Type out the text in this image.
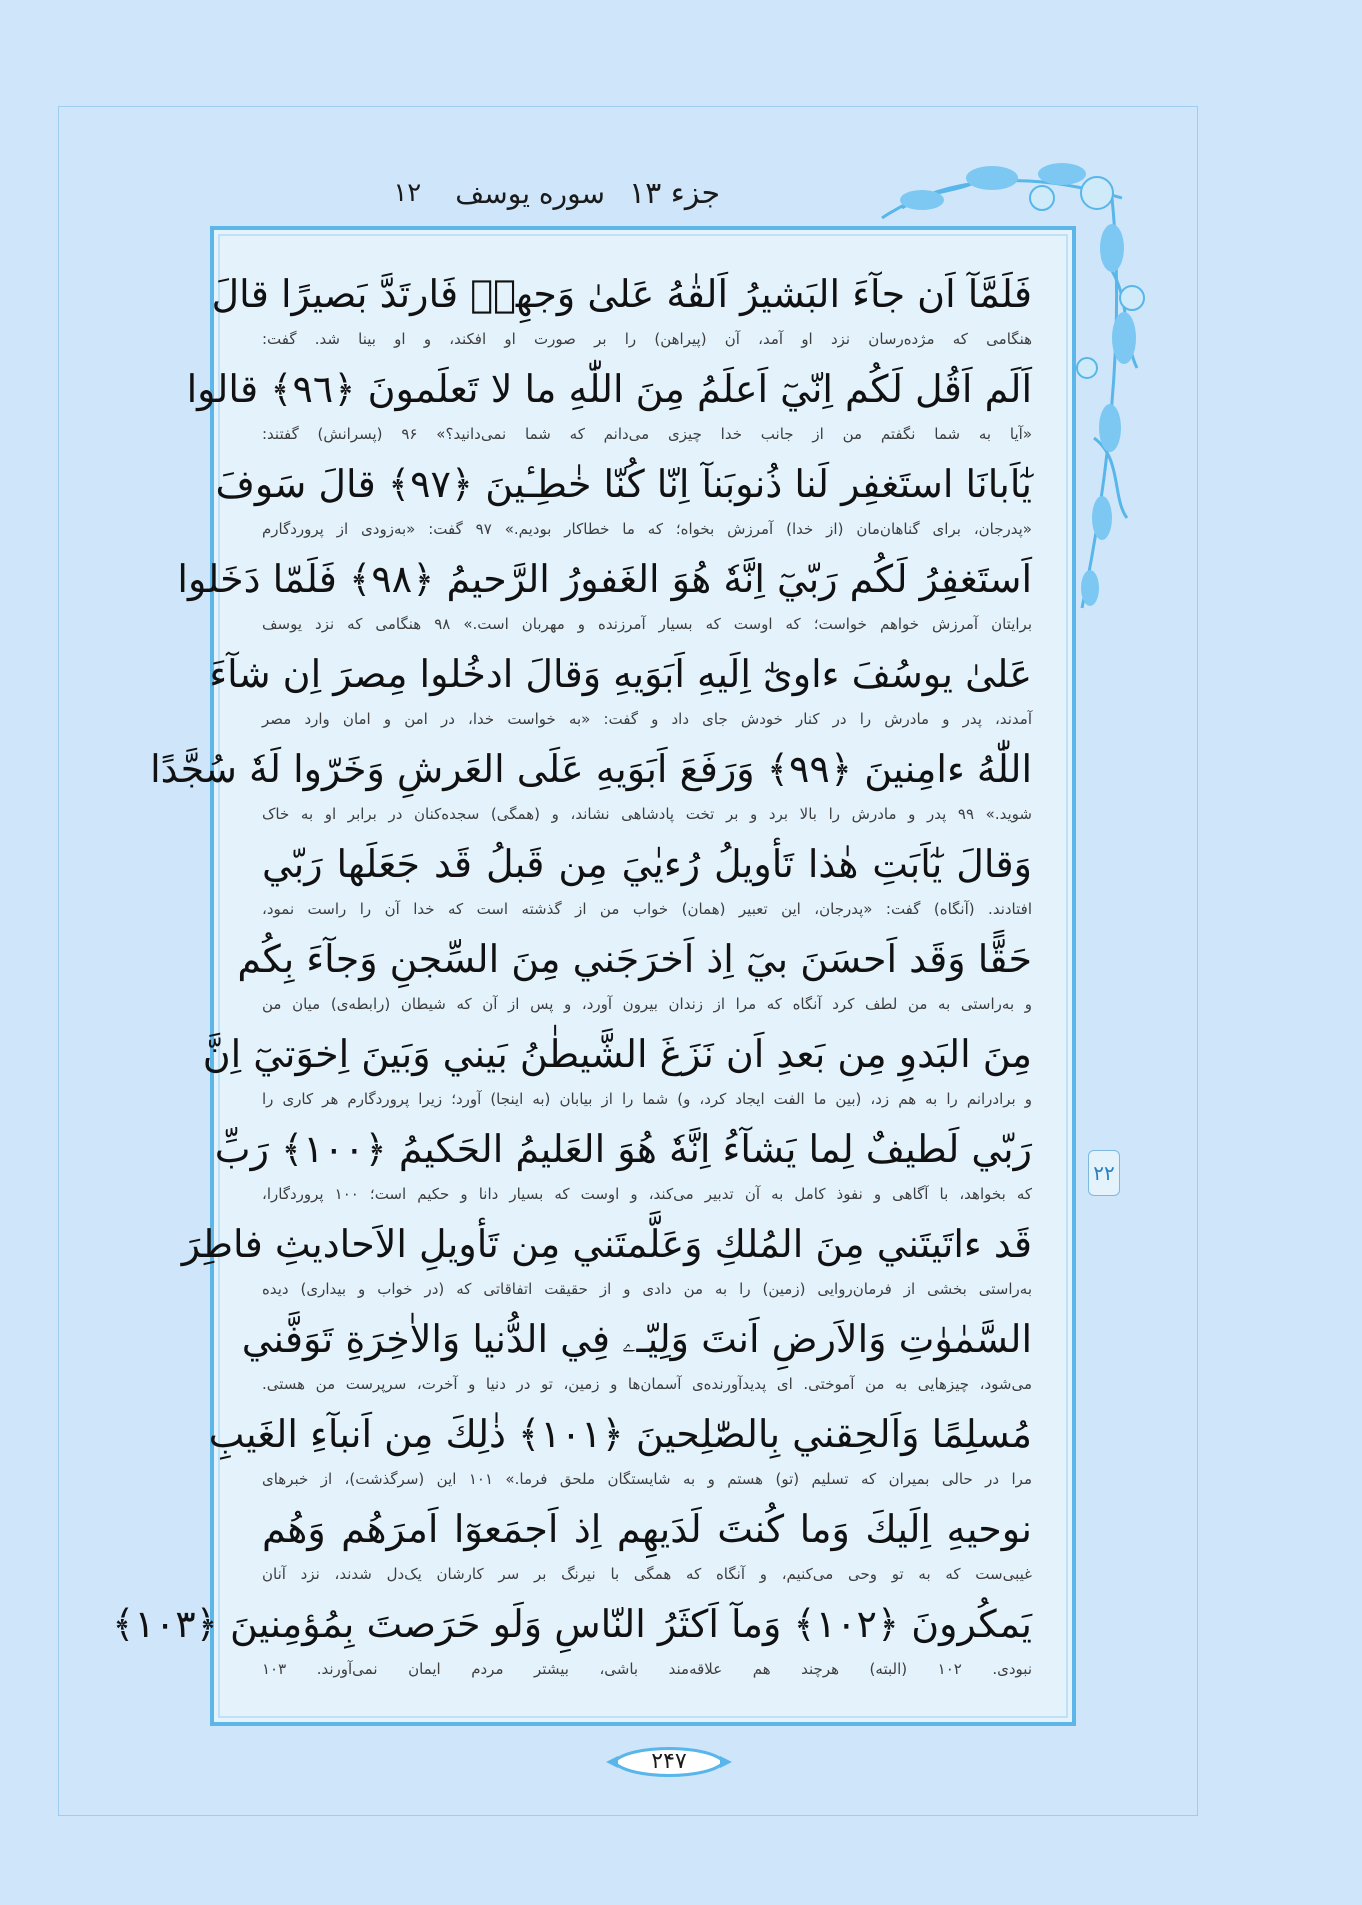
جزء ۱۳
سوره یوسف
۱۲
فَلَمَّآ اَن جآءَ البَشيرُ اَلقٰهُ عَلىٰ وَجهِهٖ فَارتَدَّ بَصيرًا قالَ
هنگامی که مژده‌رسان نزد او آمد، آن (پیراهن) را بر صورت او افکند، و او بینا شد. گفت:
اَلَم اَقُل لَكُم اِنّيٓ اَعلَمُ مِنَ اللّٰهِ ما لا تَعلَمونَ ﴿٩٦﴾ قالوا
«آیا به شما نگفتم من از جانب خدا چیزی می‌دانم که شما نمی‌دانید؟» ۹۶ (پسرانش) گفتند:
يٰٓاَبانَا استَغفِر لَنا ذُنوبَنآ اِنّا كُنّا خٰطِـٔينَ ﴿٩٧﴾ قالَ سَوفَ
«پدرجان، برای گناهان‌مان (از خدا) آمرزش بخواه؛ که ما خطاکار بودیم.» ۹۷ گفت: «به‌زودی از پروردگارم
اَستَغفِرُ لَكُم رَبّيٓ اِنَّهٗ هُوَ الغَفورُ الرَّحيمُ ﴿٩٨﴾ فَلَمّا دَخَلوا
برایتان آمرزش خواهم خواست؛ که اوست که بسیار آمرزنده و مهربان است.» ۹۸ هنگامی که نزد یوسف
عَلىٰ يوسُفَ ءاوىٰٓ اِلَيهِ اَبَوَيهِ وَقالَ ادخُلوا مِصرَ اِن شآءَ
آمدند، پدر و مادرش را در کنار خودش جای داد و گفت: «به خواست خدا، در امن و امان وارد مصر
اللّٰهُ ءامِنينَ ﴿٩٩﴾ وَرَفَعَ اَبَوَيهِ عَلَى العَرشِ وَخَرّوا لَهٗ سُجَّدًا
شوید.» ۹۹ پدر و مادرش را بالا برد و بر تخت پادشاهی نشاند، و (همگی) سجده‌کنان در برابر او به خاک
وَقالَ يٰٓاَبَتِ هٰذا تَأويلُ رُءيٰيَ مِن قَبلُ قَد جَعَلَها رَبّي
افتادند. (آنگاه) گفت: «پدرجان، این تعبیر (همان) خواب من از گذشته است که خدا آن را راست نمود،
حَقًّا وَقَد اَحسَنَ بيٓ اِذ اَخرَجَني مِنَ السِّجنِ وَجآءَ بِكُم
و به‌راستی به من لطف کرد آنگاه که مرا از زندان بیرون آورد، و پس از آن که شیطان (رابطه‌ی) میان من
مِنَ البَدوِ مِن بَعدِ اَن نَزَغَ الشَّيطٰنُ بَيني وَبَينَ اِخوَتيٓ اِنَّ
و برادرانم را به هم زد، (بین ما الفت ایجاد کرد، و) شما را از بیابان (به اینجا) آورد؛ زیرا پروردگارم هر کاری را
رَبّي لَطيفٌ لِما يَشآءُ اِنَّهٗ هُوَ العَليمُ الحَكيمُ ﴿١٠٠﴾ رَبِّ
که بخواهد، با آگاهی و نفوذ کامل به آن تدبیر می‌کند، و اوست که بسیار دانا و حکیم است؛ ۱۰۰ پروردگارا،
قَد ءاتَيتَني مِنَ المُلكِ وَعَلَّمتَني مِن تَأويلِ الاَحاديثِ فاطِرَ
به‌راستی بخشی از فرمان‌روایی (زمین) را به من دادی و از حقیقت اتفاقاتی که (در خواب و بیداری) دیده
السَّمٰوٰتِ وَالاَرضِ اَنتَ وَلِيّـۦ فِي الدُّنيا وَالاٰخِرَةِ تَوَفَّني
می‌شود، چیزهایی به من آموختی. ای پدیدآورنده‌ی آسمان‌ها و زمین، تو در دنیا و آخرت، سرپرست من هستی.
مُسلِمًا وَاَلحِقني بِالصّٰلِحينَ ﴿١٠١﴾ ذٰلِكَ مِن اَنبآءِ الغَيبِ
مرا در حالی بمیران که تسلیم (تو) هستم و به شایستگان ملحق فرما.» ۱۰۱ این (سرگذشت)، از خبرهای
نوحيهِ اِلَيكَ وَما كُنتَ لَدَيهِم اِذ اَجمَعوٓا اَمرَهُم وَهُم
غیبی‌ست که به تو وحی می‌کنیم، و آنگاه که همگی با نیرنگ بر سر کارشان یک‌دل شدند، نزد آنان
يَمكُرونَ ﴿١٠٢﴾ وَمآ اَكثَرُ النّاسِ وَلَو حَرَصتَ بِمُؤمِنينَ ﴿١٠٣﴾
نبودی. ۱۰۲ (البته) هرچند هم علاقه‌مند باشی، بیشتر مردم ایمان نمی‌آورند. ۱۰۳
۲۲
۲۴۷
